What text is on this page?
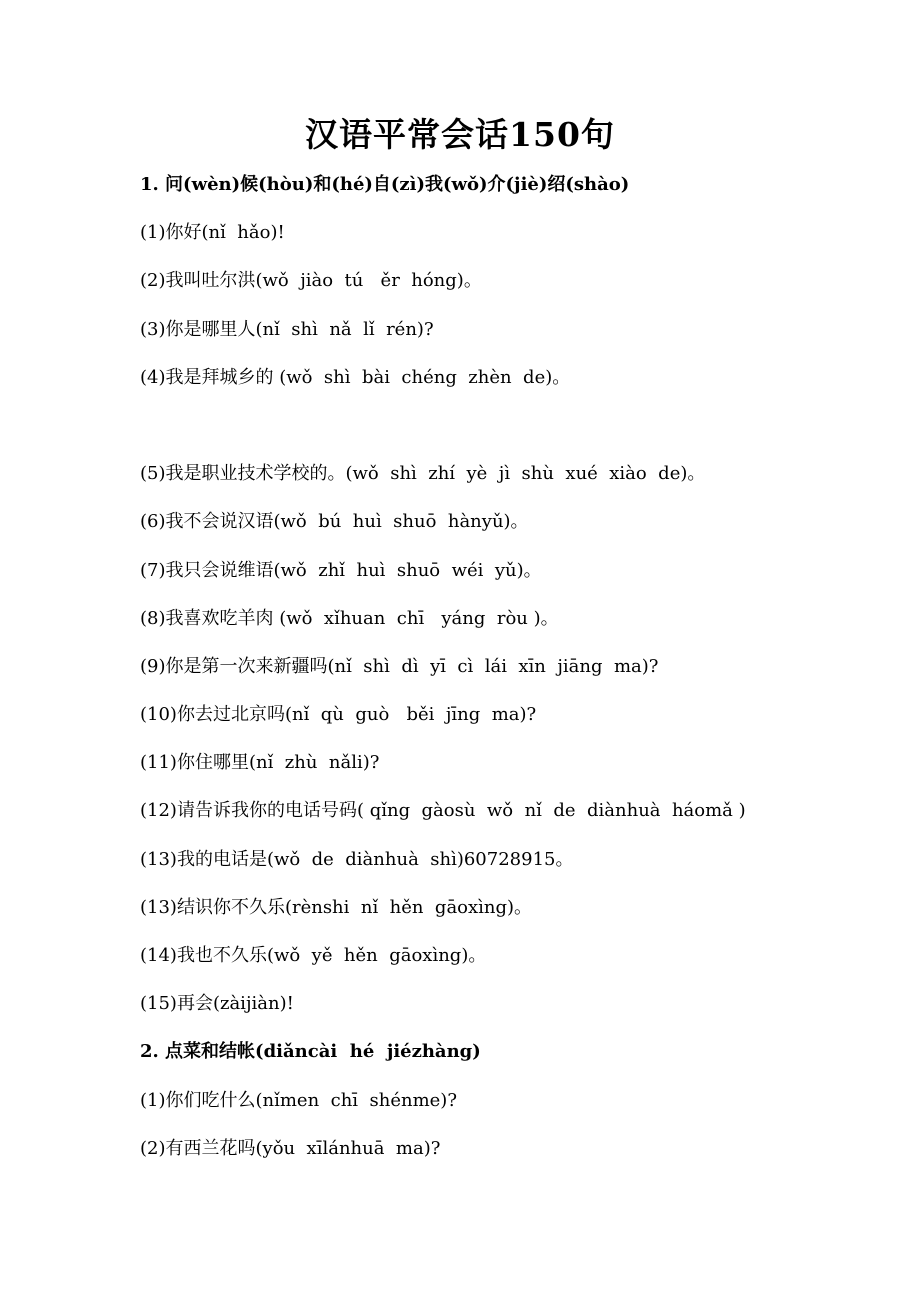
汉语平常会话150句
1. 问(wèn)候(hòu)和(hé)自(zì)我(wǒ)介(jiè)绍(shào)
(1)你好(nǐ  hǎo)!
(2)我叫吐尔洪(wǒ  jiào  tú   ěr  hóng)。
(3)你是哪里人(nǐ  shì  nǎ  lǐ  rén)?
(4)我是拜城乡的 (wǒ  shì  bài  chéng  zhèn  de)。
(5)我是职业技术学校的。(wǒ  shì  zhí  yè  jì  shù  xué  xiào  de)。
(6)我不会说汉语(wǒ  bú  huì  shuō  hànyǔ)。
(7)我只会说维语(wǒ  zhǐ  huì  shuō  wéi  yǔ)。
(8)我喜欢吃羊肉 (wǒ  xǐhuan  chī   yáng  ròu )。
(9)你是第一次来新疆吗(nǐ  shì  dì  yī  cì  lái  xīn  jiāng  ma)?
(10)你去过北京吗(nǐ  qù  guò   běi  jīng  ma)?
(11)你住哪里(nǐ  zhù  nǎli)?
(12)请告诉我你的电话号码( qǐng  gàosù  wǒ  nǐ  de  diànhuà  háomǎ )
(13)我的电话是(wǒ  de  diànhuà  shì)60728915。
(13)结识你不久乐(rènshi  nǐ  hěn  gāoxìng)。
(14)我也不久乐(wǒ  yě  hěn  gāoxìng)。
(15)再会(zàijiàn)!
2. 点菜和结帐(diǎncài  hé  jiézhàng)
(1)你们吃什么(nǐmen  chī  shénme)?
(2)有西兰花吗(yǒu  xīlánhuā  ma)?
